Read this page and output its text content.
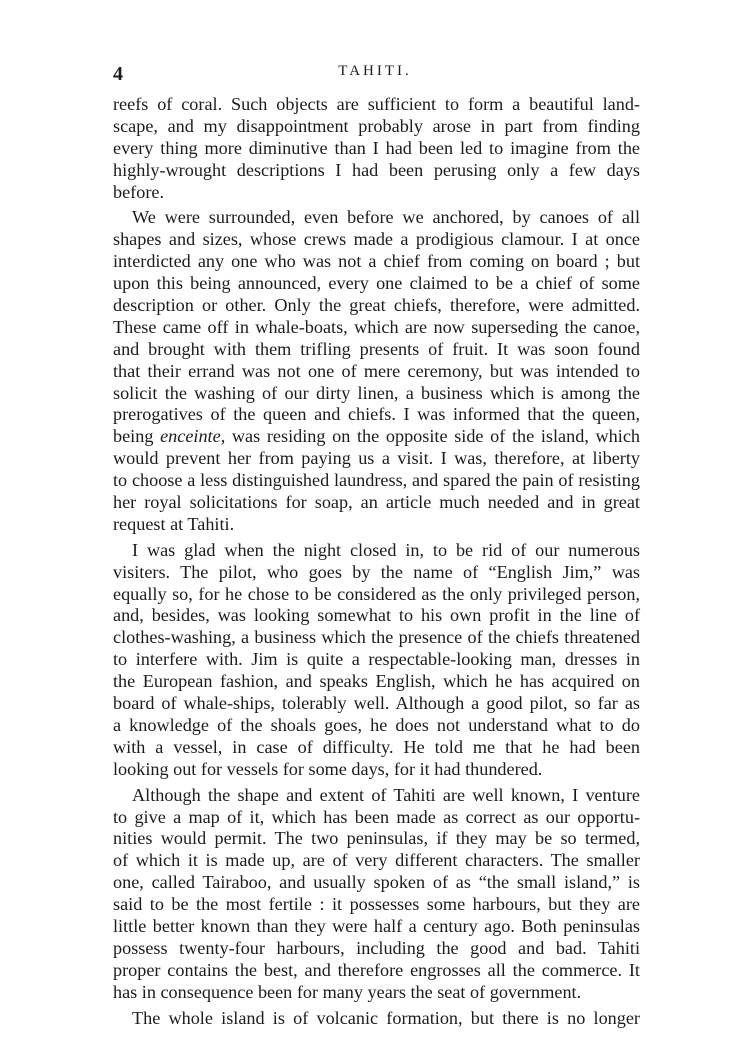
4	TAHITI.
reefs of coral. Such objects are sufficient to form a beautiful land-
scape, and my disappointment probably arose in part from finding
every thing more diminutive than I had been led to imagine from the
highly-wrought descriptions I had been perusing only a few days
before.
We were surrounded, even before we anchored, by canoes of all
shapes and sizes, whose crews made a prodigious clamour. I at once
interdicted any one who was not a chief from coming on board ; but
upon this being announced, every one claimed to be a chief of some
description or other. Only the great chiefs, therefore, were admitted.
These came off in whale-boats, which are now superseding the canoe,
and brought with them trifling presents of fruit. It was soon found
that their errand was not one of mere ceremony, but was intended to
solicit the washing of our dirty linen, a business which is among the
prerogatives of the queen and chiefs. I was informed that the queen,
being enceinte, was residing on the opposite side of the island, which
would prevent her from paying us a visit. I was, therefore, at liberty
to choose a less distinguished laundress, and spared the pain of resisting
her royal solicitations for soap, an article much needed and in great
request at Tahiti.
I was glad when the night closed in, to be rid of our numerous
visiters. The pilot, who goes by the name of “English Jim,” was
equally so, for he chose to be considered as the only privileged person,
and, besides, was looking somewhat to his own profit in the line of
clothes-washing, a business which the presence of the chiefs threatened
to interfere with. Jim is quite a respectable-looking man, dresses in
the European fashion, and speaks English, which he has acquired on
board of whale-ships, tolerably well. Although a good pilot, so far as
a knowledge of the shoals goes, he does not understand what to do
with a vessel, in case of difficulty. He told me that he had been
looking out for vessels for some days, for it had thundered.
Although the shape and extent of Tahiti are well known, I venture
to give a map of it, which has been made as correct as our opportu-
nities would permit. The two peninsulas, if they may be so termed,
of which it is made up, are of very different characters. The smaller
one, called Tairaboo, and usually spoken of as “the small island,” is
said to be the most fertile : it possesses some harbours, but they are
little better known than they were half a century ago. Both peninsulas
possess twenty-four harbours, including the good and bad. Tahiti
proper contains the best, and therefore engrosses all the commerce. It
has in consequence been for many years the seat of government.
The whole island is of volcanic formation, but there is no longer
